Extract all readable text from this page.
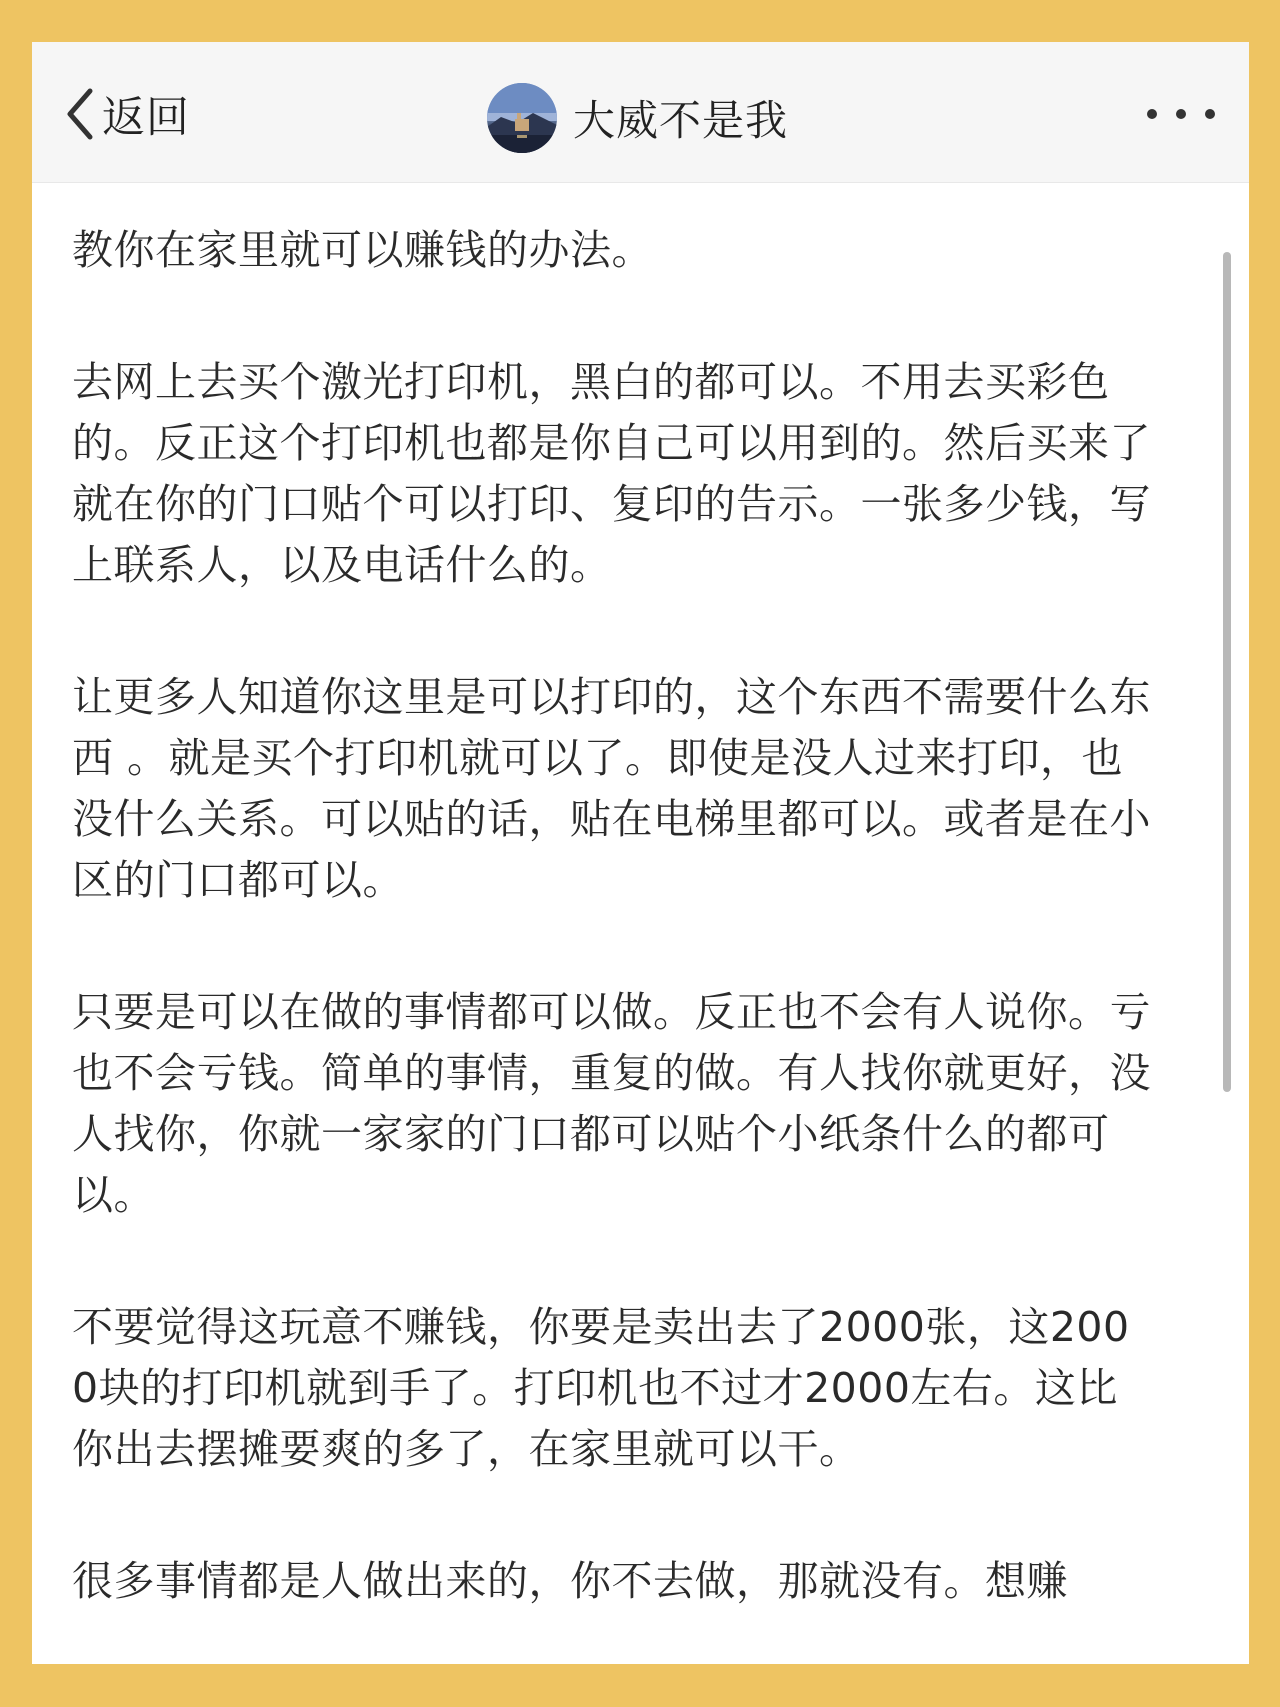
返回	大威不是我

教你在家里就可以赚钱的办法。

去网上去买个激光打印机，黑白的都可以。不用去买彩色的。反正这个打印机也都是你自己可以用到的。然后买来了就在你的门口贴个可以打印、复印的告示。一张多少钱，写上联系人，以及电话什么的。

让更多人知道你这里是可以打印的，这个东西不需要什么东西 。就是买个打印机就可以了。即使是没人过来打印，也没什么关系。可以贴的话，贴在电梯里都可以。或者是在小区的门口都可以。

只要是可以在做的事情都可以做。反正也不会有人说你。亏也不会亏钱。简单的事情，重复的做。有人找你就更好，没人找你，你就一家家的门口都可以贴个小纸条什么的都可以。

不要觉得这玩意不赚钱，你要是卖出去了2000张，这2000块的打印机就到手了。打印机也不过才2000左右。这比你出去摆摊要爽的多了，在家里就可以干。

很多事情都是人做出来的，你不去做，那就没有。想赚
